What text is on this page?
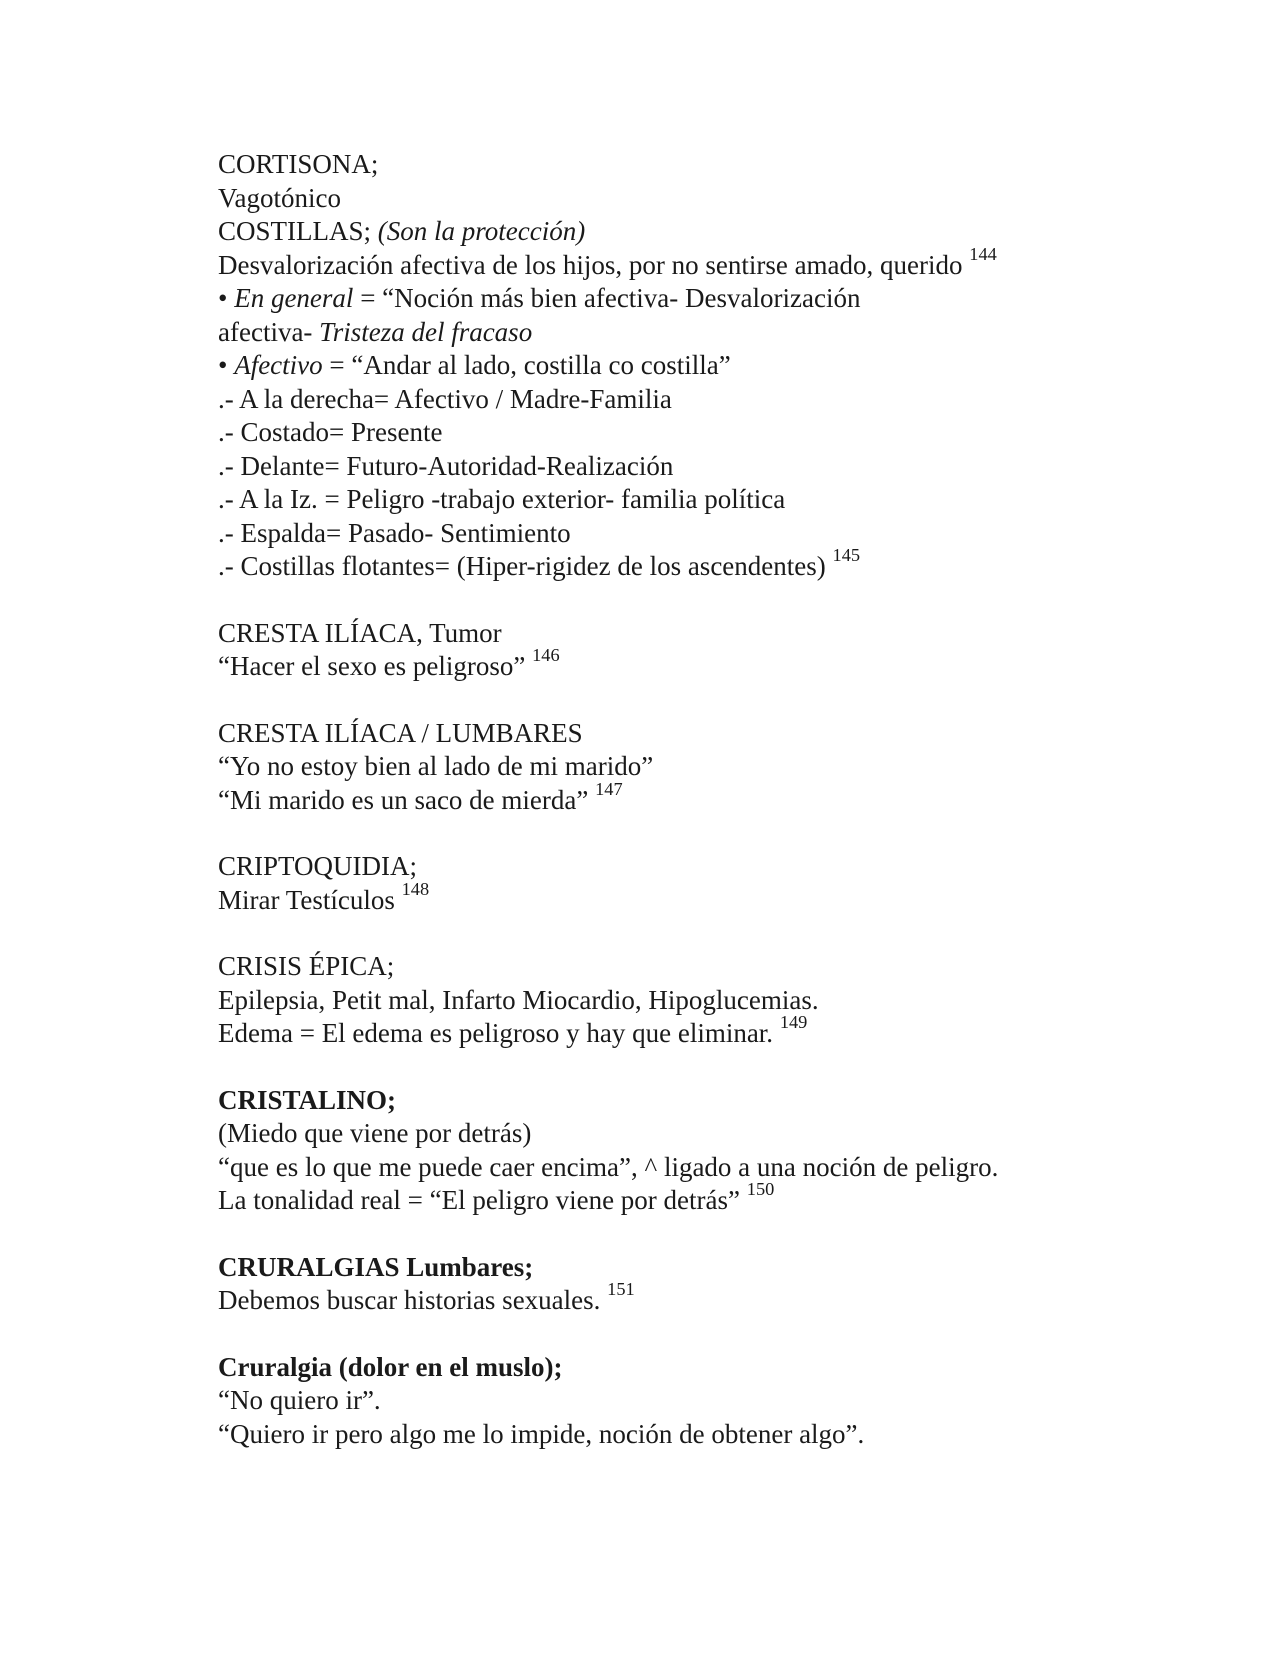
CORTISONA;
Vagotónico
COSTILLAS; (Son la protección)
Desvalorización afectiva de los hijos, por no sentirse amado, querido $^{144}$
• En general = “Noción más bien afectiva- Desvalorización
afectiva- Tristeza del fracaso
• Afectivo = “Andar al lado, costilla co costilla”
.- A la derecha= Afectivo / Madre-Familia
.- Costado= Presente
.- Delante= Futuro-Autoridad-Realización
.- A la Iz. = Peligro -trabajo exterior- familia política
.- Espalda= Pasado- Sentimiento
.- Costillas flotantes= (Hiper-rigidez de los ascendentes) $^{145}$
CRESTA ILÍACA, Tumor
“Hacer el sexo es peligroso” $^{146}$
CRESTA ILÍACA / LUMBARES
“Yo no estoy bien al lado de mi marido”
“Mi marido es un saco de mierda” $^{147}$
CRIPTOQUIDIA;
Mirar Testículos $^{148}$
CRISIS ÉPICA;
Epilepsia, Petit mal, Infarto Miocardio, Hipoglucemias.
Edema = El edema es peligroso y hay que eliminar. $^{149}$
CRISTALINO;
(Miedo que viene por detrás)
“que es lo que me puede caer encima”, ^ ligado a una noción de peligro.
La tonalidad real = “El peligro viene por detrás” $^{150}$
CRURALGIAS Lumbares;
Debemos buscar historias sexuales. $^{151}$
Cruralgia (dolor en el muslo);
“No quiero ir”.
“Quiero ir pero algo me lo impide, noción de obtener algo”.
